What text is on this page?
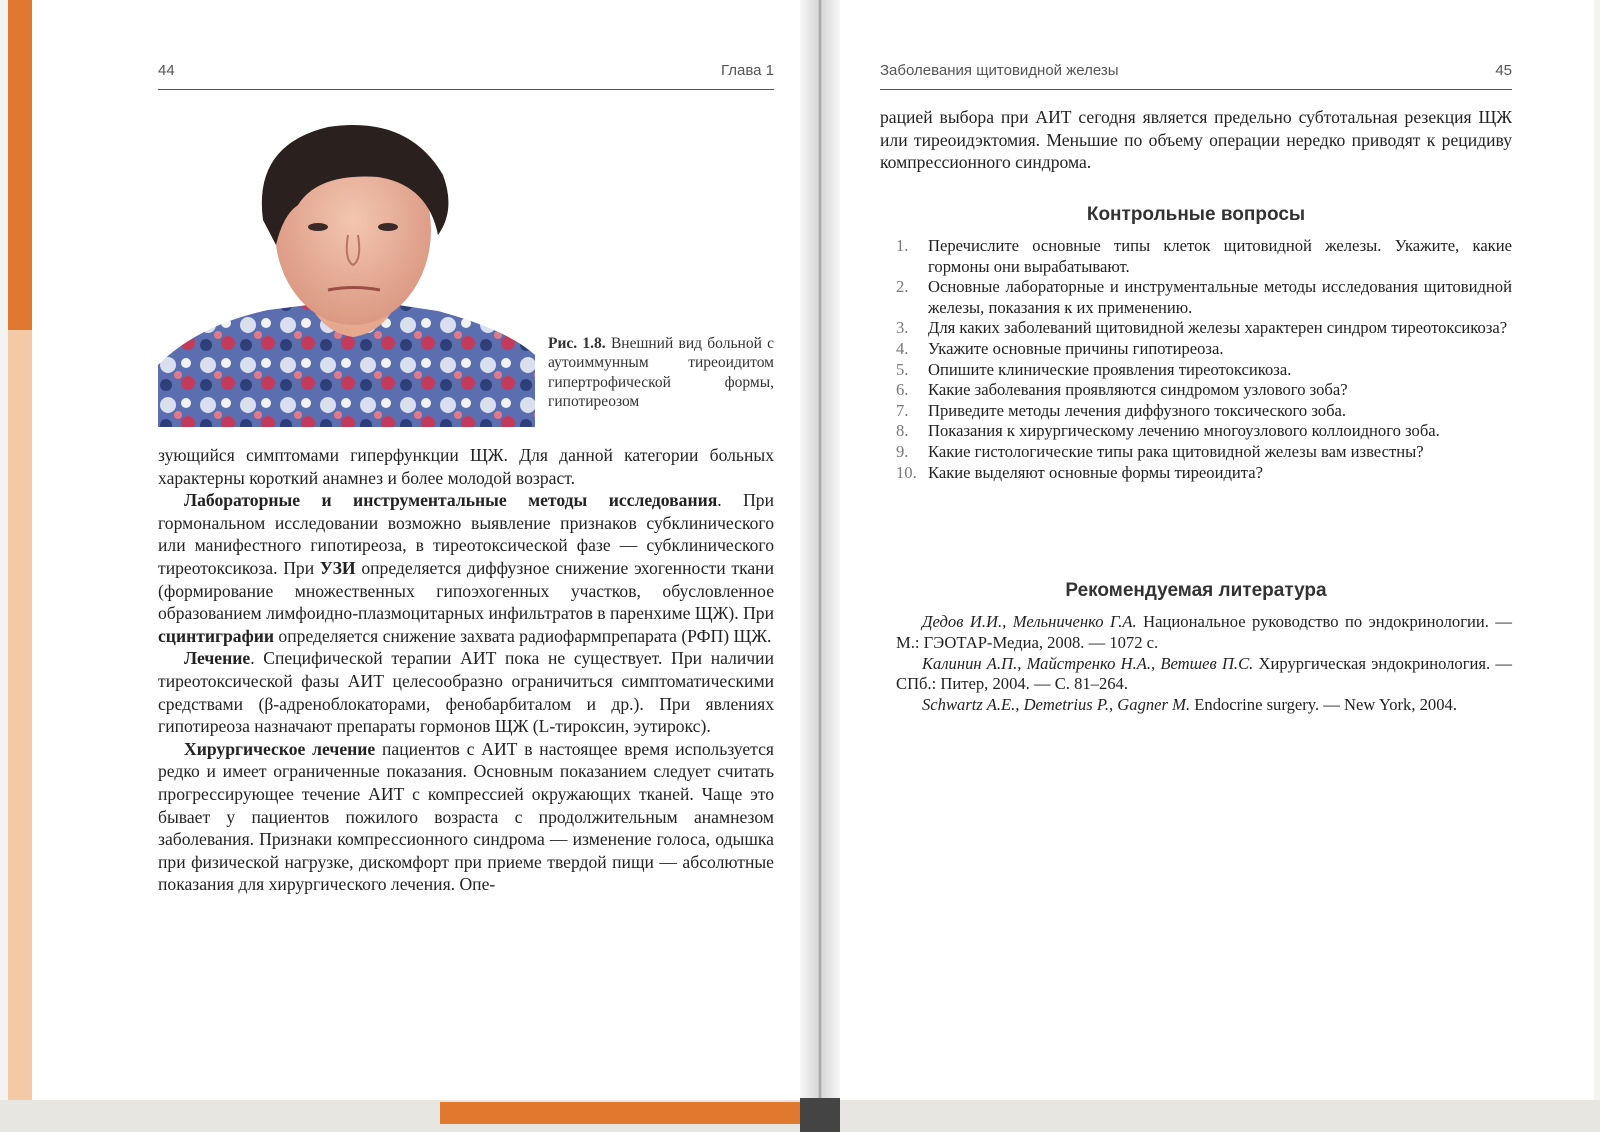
44	Глава 1
Рис. 1.8. Внешний вид больной с аутоиммунным тиреоидитом гипертрофической формы, гипотиреозом

зующийся симптомами гиперфункции ЩЖ. Для данной категории больных характерны короткий анамнез и более молодой возраст.

Лабораторные и инструментальные методы исследования. При гормональном исследовании возможно выявление признаков субклинического или манифестного гипотиреоза, в тиреотоксической фазе — субклинического тиреотоксикоза. При УЗИ определяется диффузное снижение эхогенности ткани (формирование множественных гипоэхогенных участков, обусловленное образованием лимфоидно-плазмоцитарных инфильтратов в паренхиме ЩЖ). При сцинтиграфии определяется снижение захвата радиофармпрепарата (РФП) ЩЖ.

Лечение. Специфической терапии АИТ пока не существует. При наличии тиреотоксической фазы АИТ целесообразно ограничиться симптоматическими средствами (β-адреноблокаторами, фенобарбиталом и др.). При явлениях гипотиреоза назначают препараты гормонов ЩЖ (L-тироксин, эутирокс).

Хирургическое лечение пациентов с АИТ в настоящее время используется редко и имеет ограниченные показания. Основным показанием следует считать прогрессирующее течение АИТ с компрессией окружающих тканей. Чаще это бывает у пациентов пожилого возраста с продолжительным анамнезом заболевания. Признаки компрессионного синдрома — изменение голоса, одышка при физической нагрузке, дискомфорт при приеме твердой пищи — абсолютные показания для хирургического лечения. Опе-

Заболевания щитовидной железы	45

рацией выбора при АИТ сегодня является предельно субтотальная резекция ЩЖ или тиреоидэктомия. Меньшие по объему операции нередко приводят к рецидиву компрессионного синдрома.

Контрольные вопросы
1. Перечислите основные типы клеток щитовидной железы. Укажите, какие гормоны они вырабатывают.
2. Основные лабораторные и инструментальные методы исследования щитовидной железы, показания к их применению.
3. Для каких заболеваний щитовидной железы характерен синдром тиреотоксикоза?
4. Укажите основные причины гипотиреоза.
5. Опишите клинические проявления тиреотоксикоза.
6. Какие заболевания проявляются синдромом узлового зоба?
7. Приведите методы лечения диффузного токсического зоба.
8. Показания к хирургическому лечению многоузлового коллоидного зоба.
9. Какие гистологические типы рака щитовидной железы вам известны?
10. Какие выделяют основные формы тиреоидита?
Рекомендуемая литература

Дедов И.И., Мельниченко Г.А. Национальное руководство по эндокринологии. — М.: ГЭОТАР-Медиа, 2008. — 1072 с.

Калинин А.П., Майстренко Н.А., Ветшев П.С. Хирургическая эндокринология. — СПб.: Питер, 2004. — С. 81–264.

Schwartz A.E., Demetrius P., Gagner M. Endocrine surgery. — New York, 2004.
